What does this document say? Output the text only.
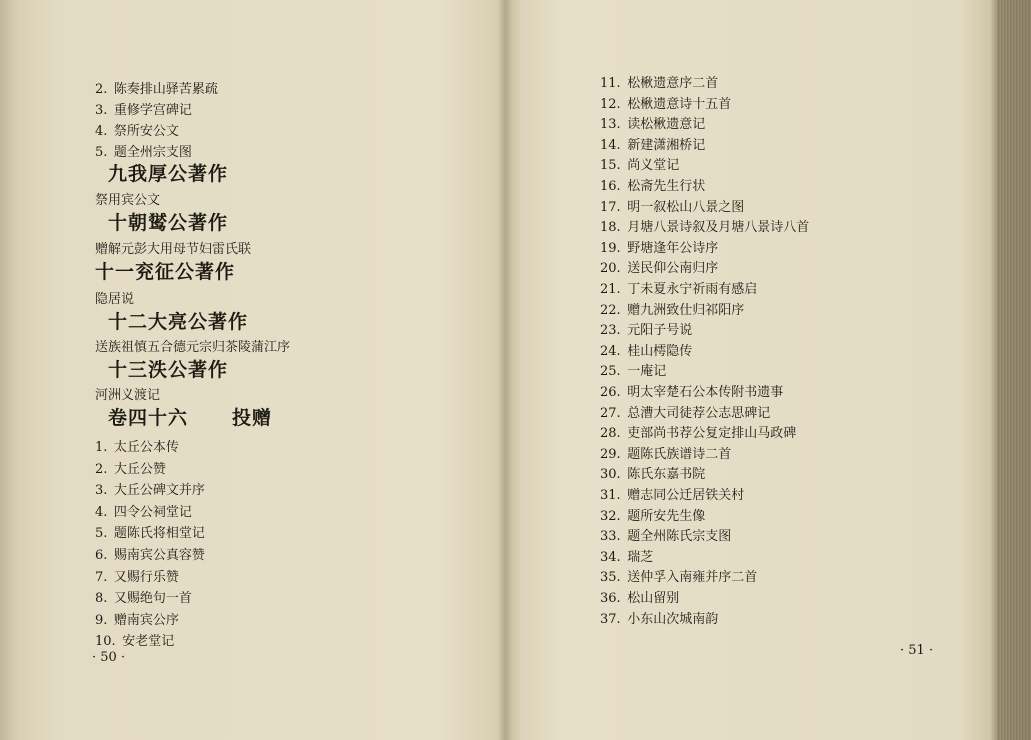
2.  陈奏排山驿苦累疏
3.  重修学宫碑记
4.  祭所安公文
5.  题全州宗支图
九我厚公著作
祭用宾公文
十朝𬸚公著作
赠解元彭大用母节妇雷氏联
十一兖征公著作
隐居说
十二大亮公著作
送族祖慎五合德元宗归茶陵蒲江序
十三泆公著作
河洲义渡记
卷四十六 投赠
1.  太丘公本传
2.  大丘公赞
3.  大丘公碑文并序
4.  四令公祠堂记
5.  题陈氏将相堂记
6.  赐南宾公真容赞
7.  又赐行乐赞
8.  又赐绝句一首
9.  赠南宾公序
10.  安老堂记
· 50 ·
11.  松楸遗意序二首
12.  松楸遗意诗十五首
13.  读松楸遗意记
14.  新建潇湘桥记
15.  尚义堂记
16.  松斋先生行状
17.  明一叙松山八景之图
18.  月塘八景诗叙及月塘八景诗八首
19.  野塘逢年公诗序
20.  送民仰公南归序
21.  丁未夏永宁祈雨有感启
22.  赠九洲致仕归祁阳序
23.  元阳子号说
24.  桂山樗隐传
25.  一庵记
26.  明太宰楚石公本传附书遗事
27.  总漕大司徒荐公志思碑记
28.  吏部尚书荐公复定排山马政碑
29.  题陈氏族谱诗二首
30.  陈氏东嘉书院
31.  赠志同公迁居铁关村
32.  题所安先生像
33.  题全州陈氏宗支图
34.  瑞芝
35.  送仲孚入南雍并序二首
36.  松山留别
37.  小东山次城南韵
· 51 ·
